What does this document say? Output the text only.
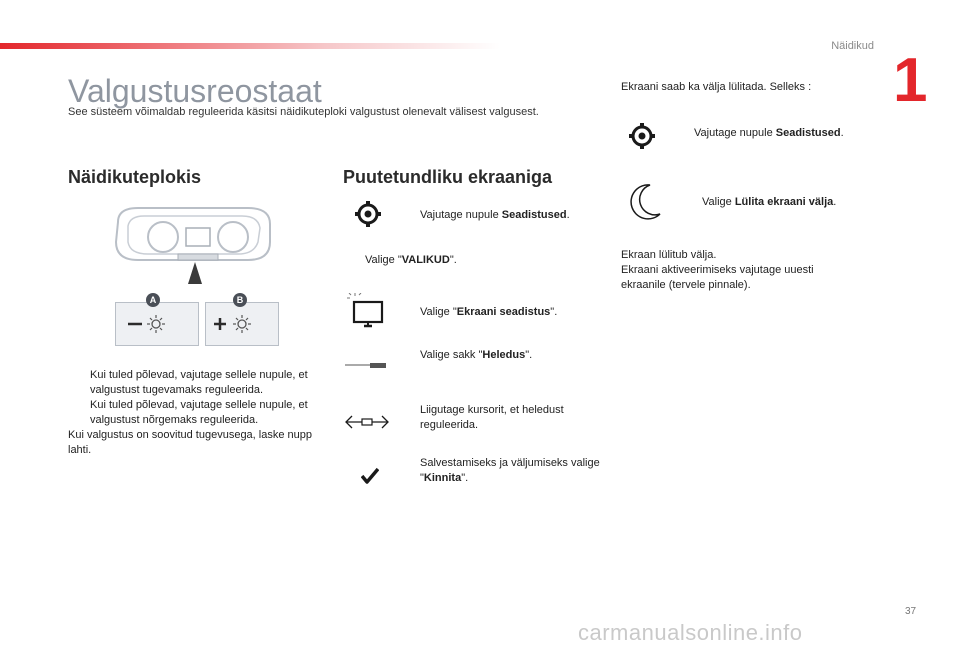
Näidikud 1
Valgustusreostaat
See süsteem võimaldab reguleerida käsitsi näidikuteploki valgustust olenevalt välisest valgusest.
Näidikuteplokis
A	B
Kui tuled põlevad, vajutage sellele nupule, et valgustust tugevamaks reguleerida.
Kui tuled põlevad, vajutage sellele nupule, et valgustust nõrgemaks reguleerida.
Kui valgustus on soovitud tugevusega, laske nupp lahti.
Puutetundliku ekraaniga
Vajutage nupule Seadistused.
Valige "VALIKUD".
Valige "Ekraani seadistus".
Valige sakk "Heledus".
Liigutage kursorit, et heledust reguleerida.
Salvestamiseks ja väljumiseks valige "Kinnita".
Ekraani saab ka välja lülitada. Selleks :
Vajutage nupule Seadistused.
Valige Lülita ekraani välja.
Ekraan lülitub välja.
Ekraani aktiveerimiseks vajutage uuesti ekraanile (tervele pinnale).
37
carmanualsonline.info
